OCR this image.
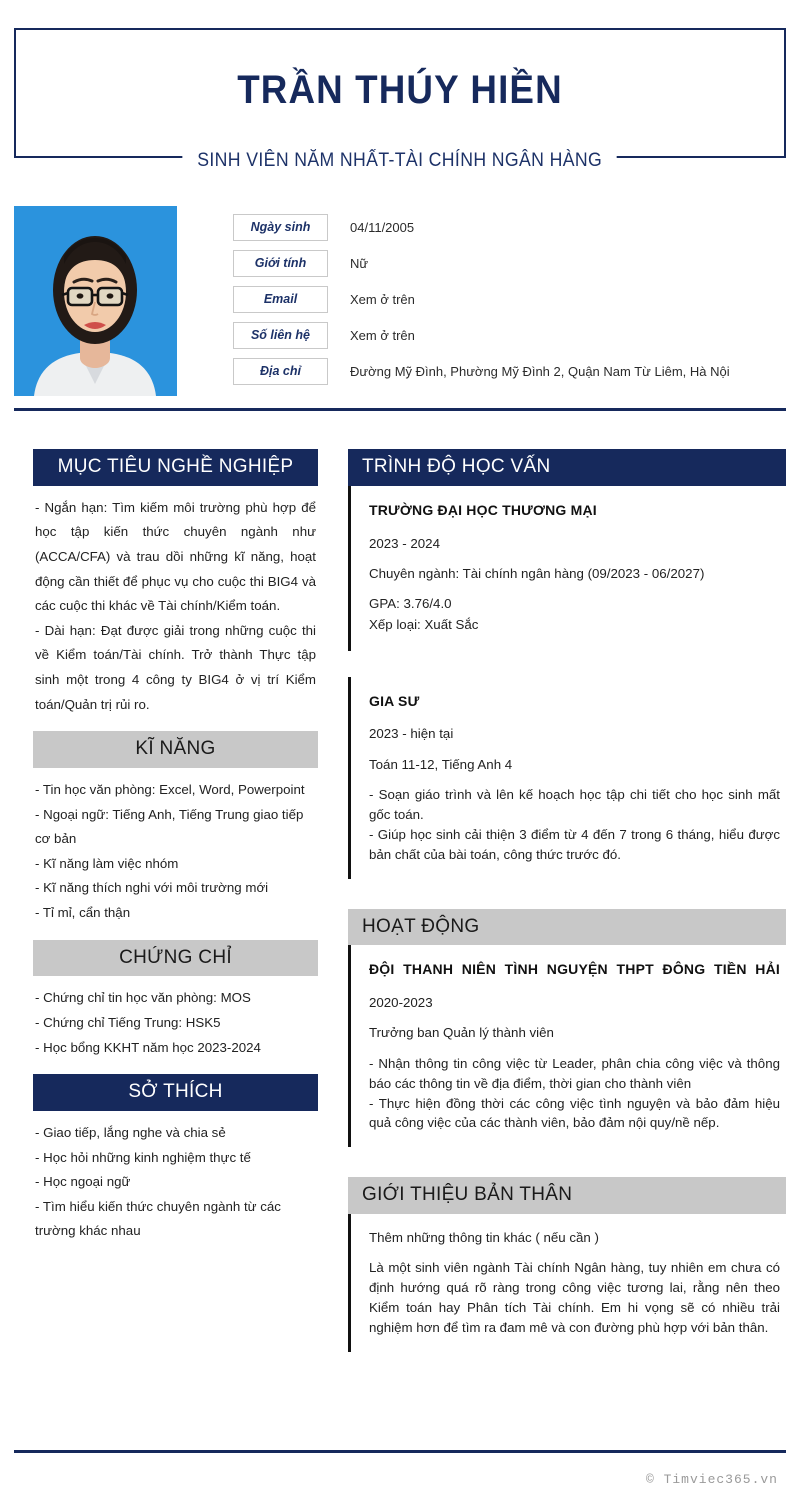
TRẦN THÚY HIỀN
SINH VIÊN NĂM NHẤT-TÀI CHÍNH NGÂN HÀNG
Ngày sinh	04/11/2005
Giới tính	Nữ
Email	Xem ở trên
Số liên hệ	Xem ở trên
Địa chỉ	Đường Mỹ Đình, Phường Mỹ Đình 2, Quận Nam Từ Liêm, Hà Nội
MỤC TIÊU NGHỀ NGHIỆP

- Ngắn hạn: Tìm kiếm môi trường phù hợp để học tập kiến thức chuyên ngành như (ACCA/CFA) và trau dồi những kĩ năng, hoạt động cần thiết để phục vụ cho cuộc thi BIG4 và các cuộc thi khác về Tài chính/Kiểm toán.

- Dài hạn: Đạt được giải trong những cuộc thi về Kiểm toán/Tài chính. Trở thành Thực tập sinh một trong 4 công ty BIG4 ở vị trí Kiểm toán/Quản trị rủi ro.

KĨ NĂNG

- Tin học văn phòng: Excel, Word, Powerpoint

- Ngoại ngữ: Tiếng Anh, Tiếng Trung giao tiếp cơ bản

- Kĩ năng làm việc nhóm

- Kĩ năng thích nghi với môi trường mới

- Tỉ mỉ, cẩn thận

CHỨNG CHỈ

- Chứng chỉ tin học văn phòng: MOS

- Chứng chỉ Tiếng Trung: HSK5

- Học bổng KKHT năm học 2023-2024

SỞ THÍCH

- Giao tiếp, lắng nghe và chia sẻ

- Học hỏi những kinh nghiệm thực tế

- Học ngoại ngữ

- Tìm hiểu kiến thức chuyên ngành từ các trường khác nhau

TRÌNH ĐỘ HỌC VẤN
TRƯỜNG ĐẠI HỌC THƯƠNG MẠI
2023 - 2024
Chuyên ngành: Tài chính ngân hàng (09/2023 - 06/2027)
GPA: 3.76/4.0
Xếp loại: Xuất Sắc
GIA SƯ
2023 - hiện tại
Toán 11-12, Tiếng Anh 4
- Soạn giáo trình và lên kế hoạch học tập chi tiết cho học sinh mất gốc toán.
- Giúp học sinh cải thiện 3 điểm từ 4 đến 7 trong 6 tháng, hiểu được bản chất của bài toán, công thức trước đó.
HOẠT ĐỘNG
ĐỘI THANH NIÊN TÌNH NGUYỆN THPT ĐÔNG TIỀN HẢI
2020-2023
Trưởng ban Quản lý thành viên
- Nhận thông tin công việc từ Leader, phân chia công việc và thông báo các thông tin về địa điểm, thời gian cho thành viên
- Thực hiện đồng thời các công việc tình nguyện và bảo đảm hiệu quả công việc của các thành viên, bảo đảm nội quy/nề nếp.
GIỚI THIỆU BẢN THÂN
Thêm những thông tin khác ( nếu cần )
Là một sinh viên ngành Tài chính Ngân hàng, tuy nhiên em chưa có định hướng quá rõ ràng trong công việc tương lai, rằng nên theo Kiểm toán hay Phân tích Tài chính. Em hi vọng sẽ có nhiều trải nghiệm hơn để tìm ra đam mê và con đường phù hợp với bản thân.
© Timviec365.vn
